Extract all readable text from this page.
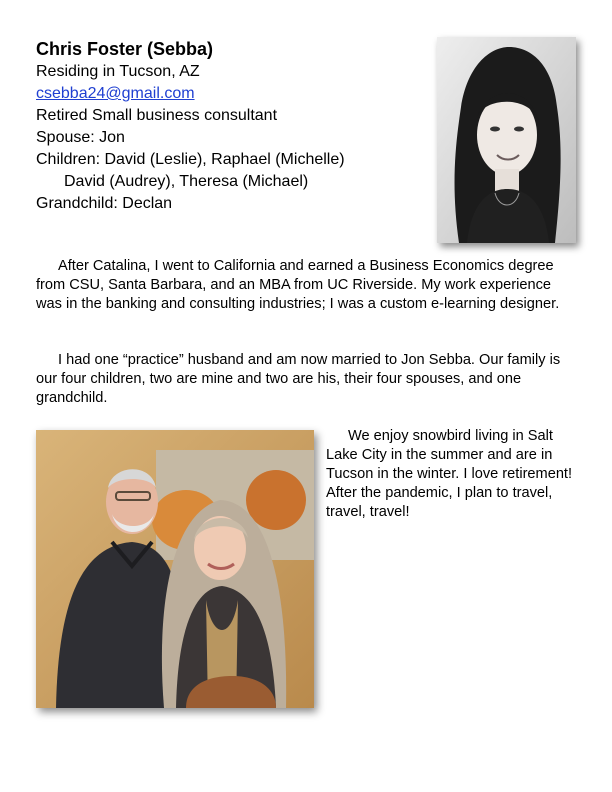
Chris Foster (Sebba)
Residing in Tucson, AZ
csebba24@gmail.com
Retired Small business consultant
Spouse: Jon
Children: David (Leslie), Raphael (Michelle)
David (Audrey), Theresa (Michael)
Grandchild: Declan

After Catalina, I went to California and earned a Business Economics degree from CSU, Santa Barbara, and an MBA from UC Riverside. My work experience was in the banking and consulting industries; I was a custom e-learning designer.

I had one “practice” husband and am now married to Jon Sebba. Our family is our four children, two are mine and two are his, their four spouses, and one grandchild.

We enjoy snowbird living in Salt Lake City in the summer and are in Tucson in the winter. I love retirement! After the pandemic, I plan to travel, travel, travel!
